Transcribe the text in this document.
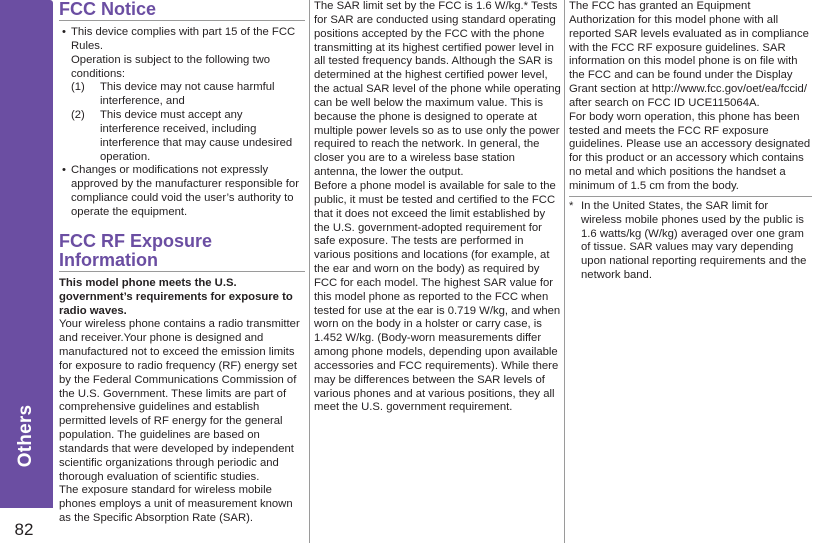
Others
82
FCC Notice
• This device complies with part 15 of the FCC Rules.

Operation is subject to the following two conditions:

(1) This device may not cause harmful interference, and

(2) This device must accept any interference received, including interference that may cause undesired operation.

• Changes or modifications not expressly approved by the manufacturer responsible for compliance could void the user’s authority to operate the equipment.

FCC RF Exposure Information

This model phone meets the U.S. government’s requirements for exposure to radio waves.

Your wireless phone contains a radio transmitter and receiver.Your phone is designed and manufactured not to exceed the emission limits for exposure to radio frequency (RF) energy set by the Federal Communications Commission of the U.S. Government. These limits are part of comprehensive guidelines and establish permitted levels of RF energy for the general population. The guidelines are based on standards that were developed by independent scientific organizations through periodic and thorough evaluation of scientific studies.

The exposure standard for wireless mobile phones employs a unit of measurement known as the Specific Absorption Rate (SAR).

The SAR limit set by the FCC is 1.6 W/kg.* Tests for SAR are conducted using standard operating positions accepted by the FCC with the phone transmitting at its highest certified power level in all tested frequency bands. Although the SAR is determined at the highest certified power level, the actual SAR level of the phone while operating can be well below the maximum value. This is because the phone is designed to operate at multiple power levels so as to use only the power required to reach the network. In general, the closer you are to a wireless base station antenna, the lower the output.

Before a phone model is available for sale to the public, it must be tested and certified to the FCC that it does not exceed the limit established by the U.S. government-adopted requirement for safe exposure. The tests are performed in various positions and locations (for example, at the ear and worn on the body) as required by FCC for each model. The highest SAR value for this model phone as reported to the FCC when tested for use at the ear is 0.719 W/kg, and when worn on the body in a holster or carry case, is 1.452 W/kg. (Body-worn measurements differ among phone models, depending upon available accessories and FCC requirements). While there may be differences between the SAR levels of various phones and at various positions, they all meet the U.S. government requirement.

The FCC has granted an Equipment Authorization for this model phone with all reported SAR levels evaluated as in compliance with the FCC RF exposure guidelines. SAR information on this model phone is on file with the FCC and can be found under the Display Grant section at http://www.fcc.gov/oet/ea/fccid/ after search on FCC ID UCE115064A.

For body worn operation, this phone has been tested and meets the FCC RF exposure guidelines. Please use an accessory designated for this product or an accessory which contains no metal and which positions the handset a minimum of 1.5 cm from the body.

* In the United States, the SAR limit for wireless mobile phones used by the public is 1.6 watts/kg (W/kg) averaged over one gram of tissue. SAR values may vary depending upon national reporting requirements and the network band.
